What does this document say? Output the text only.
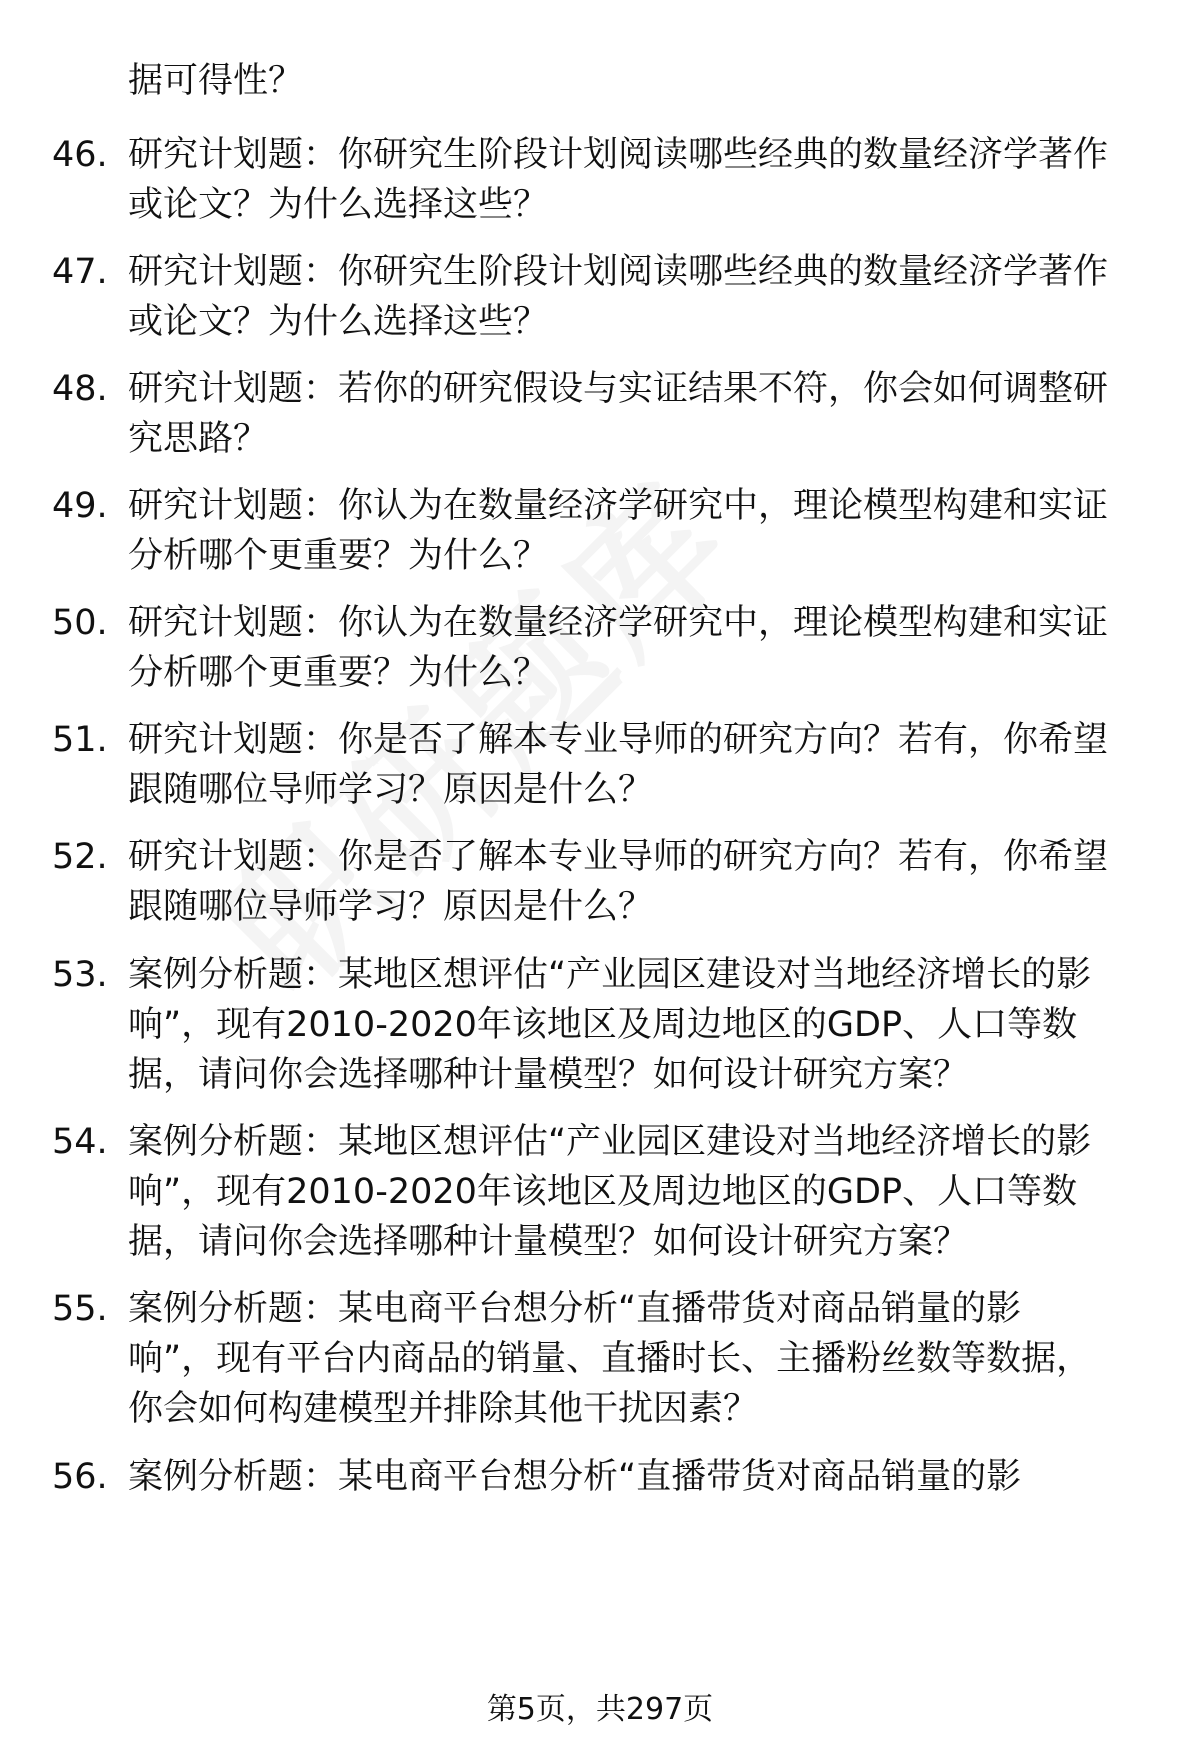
据可得性？
46. 研究计划题：你研究生阶段计划阅读哪些经典的数量经济学著作
或论文？为什么选择这些？
47. 研究计划题：你研究生阶段计划阅读哪些经典的数量经济学著作
或论文？为什么选择这些？
48. 研究计划题：若你的研究假设与实证结果不符，你会如何调整研
究思路？
49. 研究计划题：你认为在数量经济学研究中，理论模型构建和实证
分析哪个更重要？为什么？
50. 研究计划题：你认为在数量经济学研究中，理论模型构建和实证
分析哪个更重要？为什么？
51. 研究计划题：你是否了解本专业导师的研究方向？若有，你希望
跟随哪位导师学习？原因是什么？
52. 研究计划题：你是否了解本专业导师的研究方向？若有，你希望
跟随哪位导师学习？原因是什么？
53. 案例分析题：某地区想评估“产业园区建设对当地经济增长的影
响”，现有2010-2020年该地区及周边地区的GDP、人口等数
据，请问你会选择哪种计量模型？如何设计研究方案？
54. 案例分析题：某地区想评估“产业园区建设对当地经济增长的影
响”，现有2010-2020年该地区及周边地区的GDP、人口等数
据，请问你会选择哪种计量模型？如何设计研究方案？
55. 案例分析题：某电商平台想分析“直播带货对商品销量的影
响”，现有平台内商品的销量、直播时长、主播粉丝数等数据，
你会如何构建模型并排除其他干扰因素？
56. 案例分析题：某电商平台想分析“直播带货对商品销量的影
第5页，共297页
